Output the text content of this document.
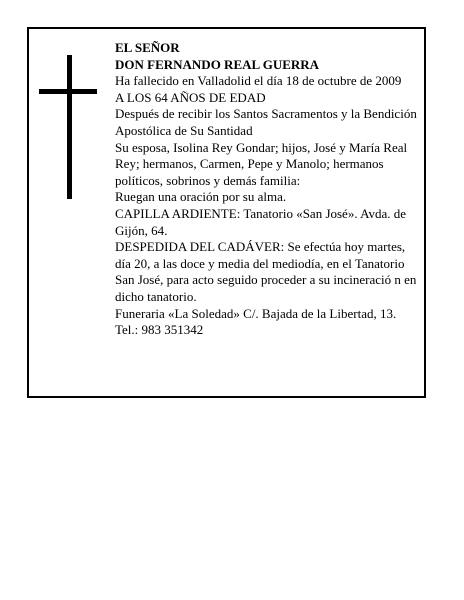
EL SEÑOR

DON FERNANDO REAL GUERRA

Ha fallecido en Valladolid el día 18 de octubre de 2009

A LOS 64 AÑOS DE EDAD

Después de recibir los Santos Sacramentos y la Bendición Apostólica de Su Santidad

Su esposa, Isolina Rey Gondar; hijos, José y María Real Rey; hermanos, Carmen, Pepe y Manolo; hermanos políticos, sobrinos y demás familia:

Ruegan una oración por su alma.

CAPILLA ARDIENTE: Tanatorio «San José». Avda. de Gijón, 64.

DESPEDIDA DEL CADÁVER: Se efectúa hoy martes, día 20, a las doce y media del mediodía, en el Tanatorio San José, para acto seguido proceder a su incineració n en dicho tanatorio.

Funeraria «La Soledad» C/. Bajada de la Libertad, 13.

Tel.: 983 351342
